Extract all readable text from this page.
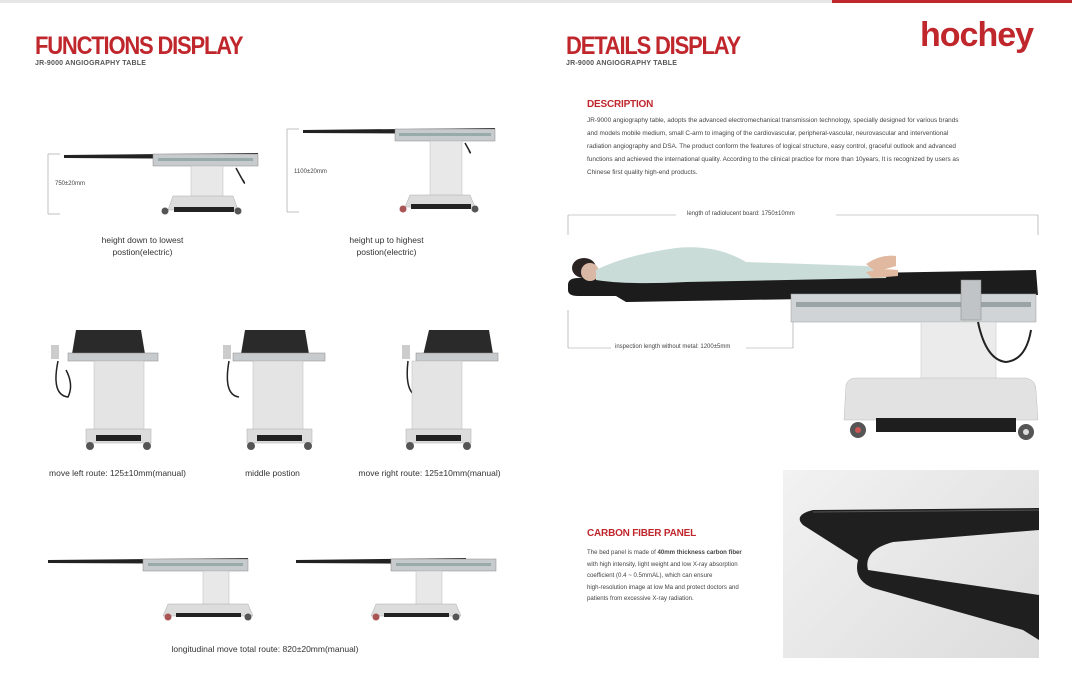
FUNCTIONS DISPLAY
JR-9000 ANGIOGRAPHY TABLE
750±20mm
height down to lowest
postion(electric)
1100±20mm
height up to highest
postion(electric)
move left route: 125±10mm(manual)	middle postion	move right route: 125±10mm(manual)
longitudinal move total route: 820±20mm(manual)
DETAILS DISPLAY
JR-9000 ANGIOGRAPHY TABLE
hochey
DESCRIPTION
JR-9000 angiography table, adopts the advanced electromechanical transmission technology, specially designed for various brands
and models mobile medium, small C-arm to imaging of the cardiovascular, peripheral-vascular, neurovascular and interventional
radiation angiography and DSA. The product conform the features of logical structure, easy control, graceful outlook and advanced
functions and achieved the international quality. According to the clinical practice for more than 10years, It is recognized by users as
Chinese first quality high-end products.
length of radiolucent board: 1750±10mm
inspection length without metal: 1200±5mm
CARBON FIBER PANEL
The bed panel is made of 40mm thickness carbon fiber
with high intensity, light weight and low X-ray absorption
coefficient (0.4 ~ 0.5mmAL), which can ensure
high-resolution image at low Ma and protect doctors and
patients from excessive X-ray radiation.
